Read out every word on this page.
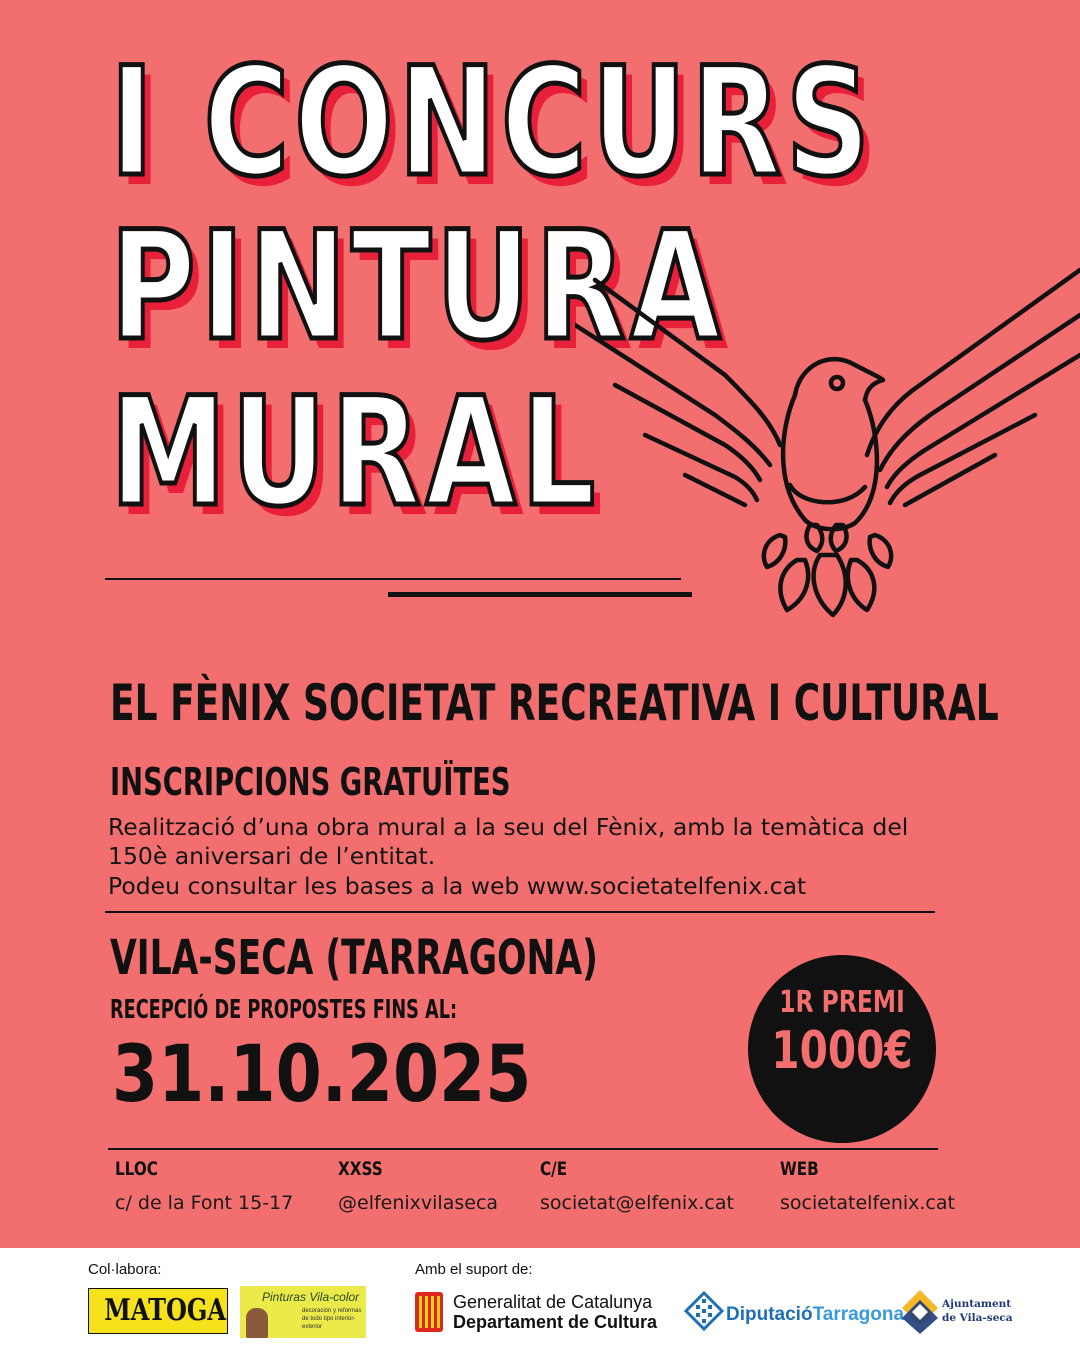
I CONCURS
PINTURA
MURAL
EL FÈNIX SOCIETAT RECREATIVA I CULTURAL
INSCRIPCIONS GRATUÏTES
Realització d’una obra mural a la seu del Fènix, amb la temàtica del
150è aniversari de l’entitat.
Podeu consultar les bases a la web www.societatelfenix.cat
VILA-SECA (TARRAGONA)
RECEPCIÓ DE PROPOSTES FINS AL:
31.10.2025
1R PREMI
1000€
LLOC
c/ de la Font 15-17
XXSS
@elfenixvilaseca
C/E
societat@elfenix.cat
WEB
societatelfenix.cat
Col·labora:	Amb el suport de:
MATOGA	Pinturas Vila-color
decoración y reformas de todo tipo interior-exterior
Generalitat de Catalunya
Departament de Cultura	DiputacióTarragona	Ajuntament
de Vila-seca
